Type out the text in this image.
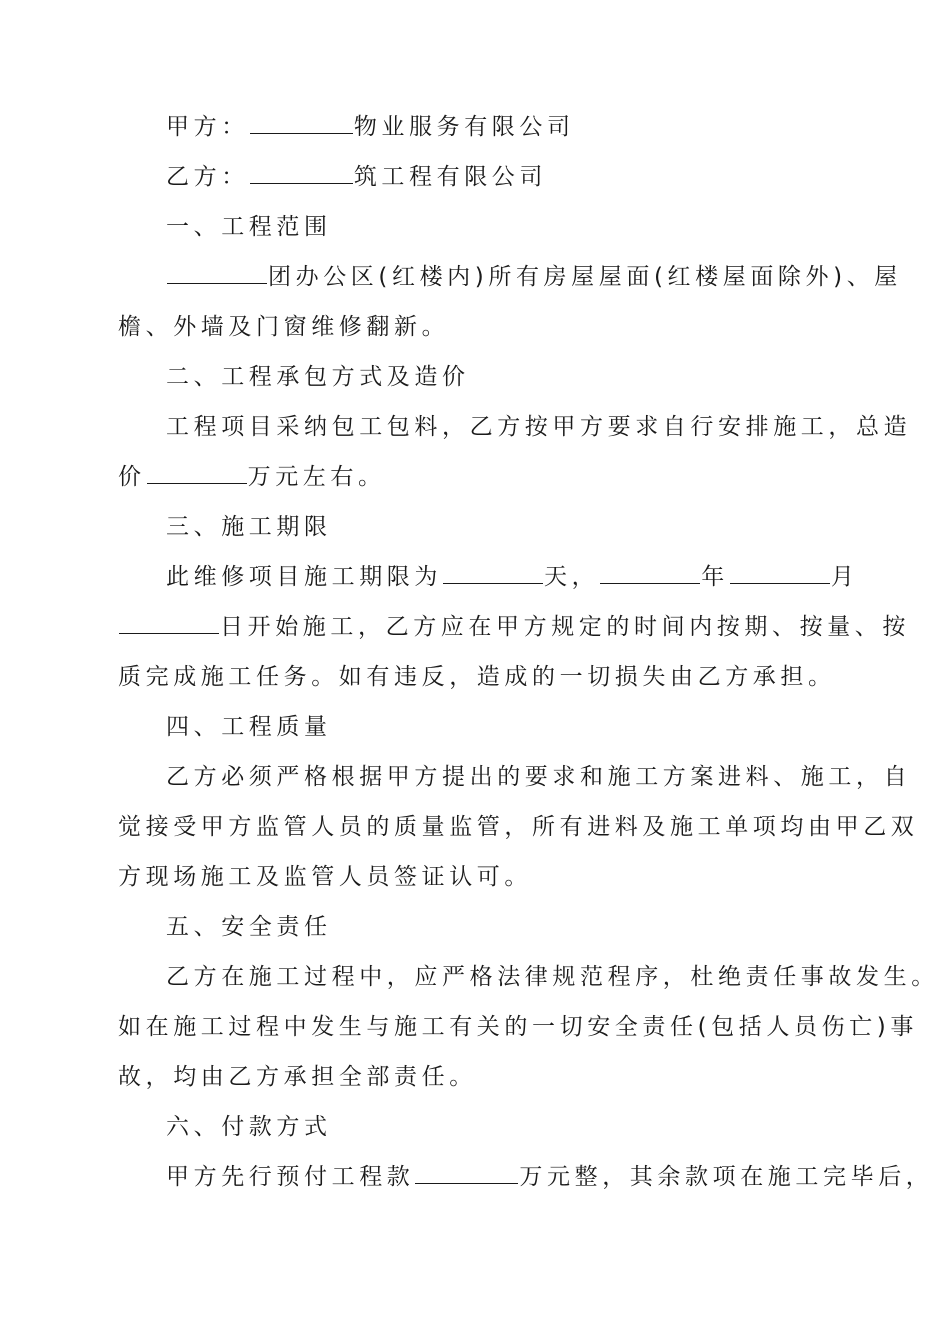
甲方：	物业服务有限公司
乙方：	筑工程有限公司
一、工程范围
团办公区(红楼内)所有房屋屋面(红楼屋面除外)、屋
檐、外墙及门窗维修翻新。
二、工程承包方式及造价
工程项目采纳包工包料，乙方按甲方要求自行安排施工，总造
价	万元左右。
三、施工期限
此维修项目施工期限为	天，	年	月
日开始施工，乙方应在甲方规定的时间内按期、按量、按
质完成施工任务。如有违反，造成的一切损失由乙方承担。
四、工程质量
乙方必须严格根据甲方提出的要求和施工方案进料、施工，自
觉接受甲方监管人员的质量监管，所有进料及施工单项均由甲乙双
方现场施工及监管人员签证认可。
五、安全责任
乙方在施工过程中，应严格法律规范程序，杜绝责任事故发生。
如在施工过程中发生与施工有关的一切安全责任(包括人员伤亡)事
故，均由乙方承担全部责任。
六、付款方式
甲方先行预付工程款	万元整，其余款项在施工完毕后，
